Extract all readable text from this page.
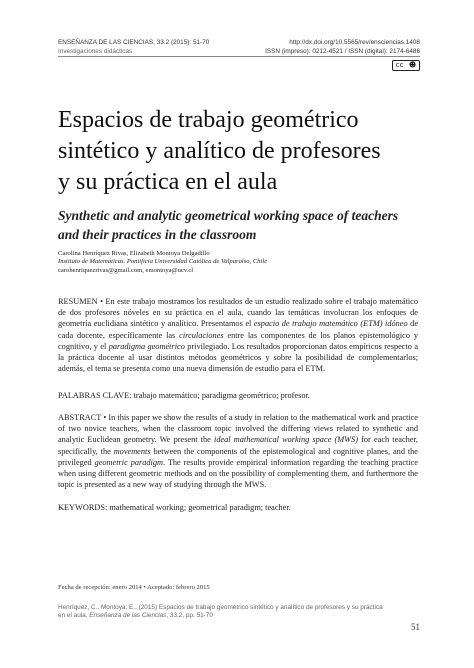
ENSEÑANZA DE LAS CIENCIAS, 33.2 (2015): 51-70
Investigaciones didácticas
http://dx.doi.org/10.5565/rev/ensciencias.1408
ISSN (impreso): 0212-4521 / ISSN (digital): 2174-6486
cc ☻
Espacios de trabajo geométrico
sintético y analítico de profesores
y su práctica en el aula
Synthetic and analytic geometrical working space of teachers
and their practices in the classroom
Carolina Henríquez Rivas, Elizabeth Montoya Delgadillo
Instituto de Matemáticas. Pontificia Universidad Católica de Valparaíso, Chile
carohenriquezrivas@gmail.com, emontoya@ucv.cl

RESUMEN • En este trabajo mostramos los resultados de un estudio realizado sobre el trabajo matemático de dos profesores nóveles en su práctica en el aula, cuando las temáticas involucran los enfoques de geometría euclidiana sintético y analítico. Presentamos el espacio de trabajo matemático (ETM) idóneo de cada docente, específicamente las circulaciones entre las componentes de los planos epistemológico y cognitivo, y el paradigma geométrico privilegiado. Los resultados proporcionan datos empíricos respecto a la práctica docente al usar distintos métodos geométricos y sobre la posibilidad de complementarlos; además, el tema se presenta como una nueva dimensión de estudio para el ETM.

PALABRAS CLAVE: trabajo matemático; paradigma geométrico; profesor.

ABSTRACT • In this paper we show the results of a study in relation to the mathematical work and practice of two novice teachers, when the classroom topic involved the differing views related to synthetic and analytic Euclidean geometry. We present the ideal mathematical working space (MWS) for each teacher, specifically, the movements between the components of the epistemological and cognitive planes, and the privileged geometric paradigm. The results provide empirical information regarding the teaching practice when using different geometric methods and on the possibility of complementing them, and furthermore the topic is presented as a new way of studying through the MWS.

KEYWORDS: mathematical working; geometrical paradigm; teacher.

Fecha de recepción: enero 2014 • Aceptado: febrero 2015
Henríquez, C., Montoya, E., (2015) Espacios de trabajo geométrico sintético y analítico de profesores y su práctica en el aula. Enseñanza de las Ciencias, 33.2, pp. 51-70
51
